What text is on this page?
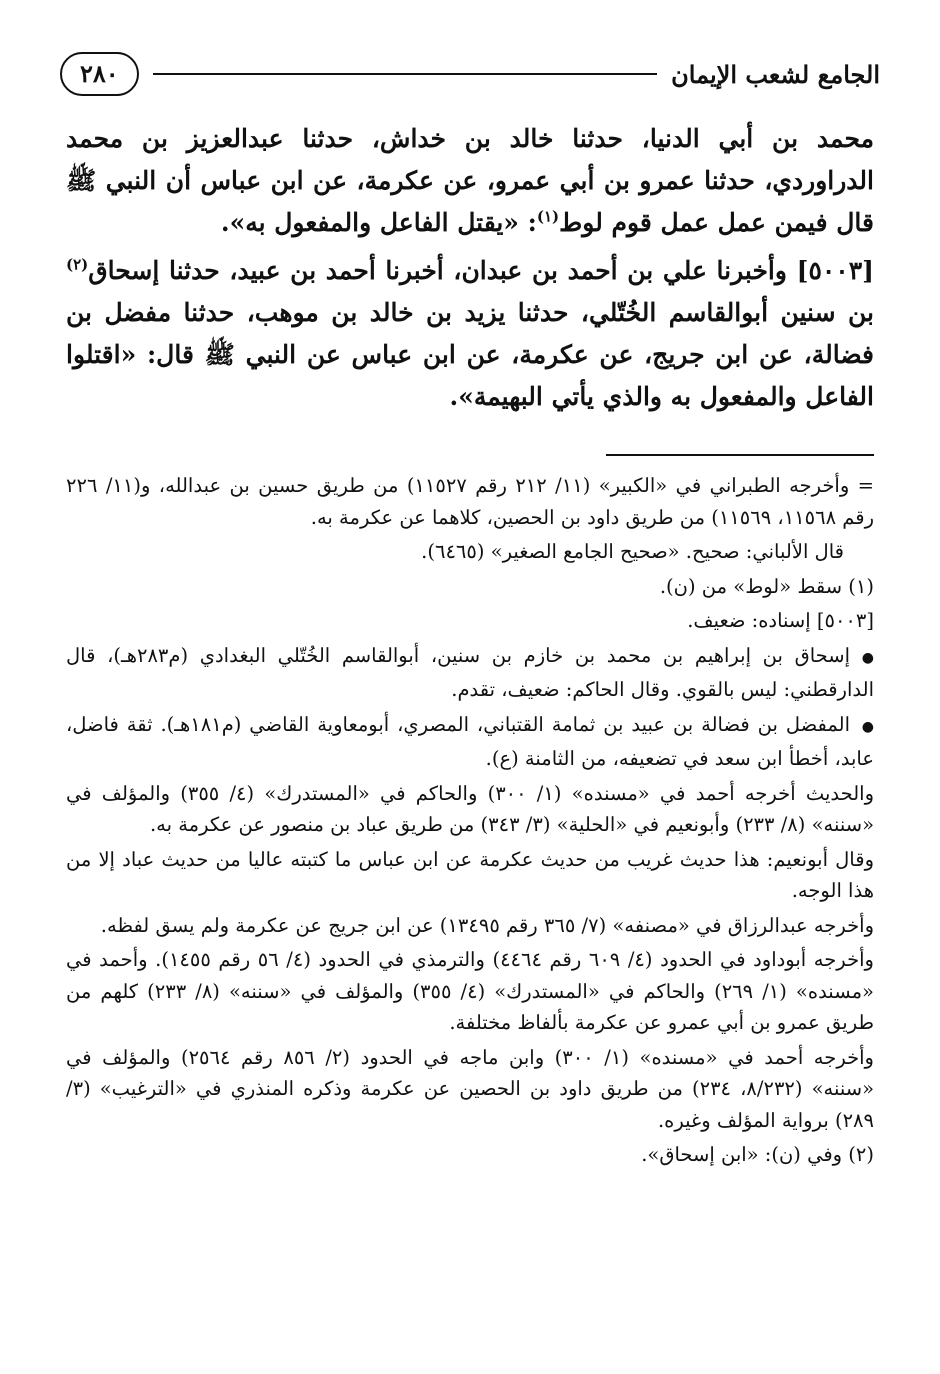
٢٨٠	الجامع لشعب الإيمان

محمد بن أبي الدنيا، حدثنا خالد بن خداش، حدثنا عبدالعزيز بن محمد الدراوردي، حدثنا عمرو بن أبي عمرو، عن عكرمة، عن ابن عباس أن النبي ﷺ قال فيمن عمل عمل قوم لوط$^{(١)}$: «يقتل الفاعل والمفعول به».

[٥٠٠٣] وأخبرنا علي بن أحمد بن عبدان، أخبرنا أحمد بن عبيد، حدثنا إسحاق$^{(٢)}$ بن سنين أبوالقاسم الخُتّلي، حدثنا يزيد بن خالد بن موهب، حدثنا مفضل بن فضالة، عن ابن جريج، عن عكرمة، عن ابن عباس عن النبي ﷺ قال: «اقتلوا الفاعل والمفعول به والذي يأتي البهيمة».

= وأخرجه الطبراني في «الكبير» (١١/ ٢١٢ رقم ١١٥٢٧) من طريق حسين بن عبدالله، و(١١/ ٢٢٦ رقم ١١٥٦٨، ١١٥٦٩) من طريق داود بن الحصين، كلاهما عن عكرمة به.

قال الألباني: صحيح. «صحيح الجامع الصغير» (٦٤٦٥).

(١) سقط «لوط» من (ن).

[٥٠٠٣] إسناده: ضعيف.

●إسحاق بن إبراهيم بن محمد بن خازم بن سنين، أبوالقاسم الخُتّلي البغدادي (م٢٨٣هـ)، قال الدارقطني: ليس بالقوي. وقال الحاكم: ضعيف، تقدم.

●المفضل بن فضالة بن عبيد بن ثمامة القتباني، المصري، أبومعاوية القاضي (م١٨١هـ). ثقة فاضل، عابد، أخطأ ابن سعد في تضعيفه، من الثامنة (ع).

والحديث أخرجه أحمد في «مسنده» (١/ ٣٠٠) والحاكم في «المستدرك» (٤/ ٣٥٥) والمؤلف في «سننه» (٨/ ٢٣٣) وأبونعيم في «الحلية» (٣/ ٣٤٣) من طريق عباد بن منصور عن عكرمة به.

وقال أبونعيم: هذا حديث غريب من حديث عكرمة عن ابن عباس ما كتبته عاليا من حديث عباد إلا من هذا الوجه.

وأخرجه عبدالرزاق في «مصنفه» (٧/ ٣٦٥ رقم ١٣٤٩٥) عن ابن جريج عن عكرمة ولم يسق لفظه.

وأخرجه أبوداود في الحدود (٤/ ٦٠٩ رقم ٤٤٦٤) والترمذي في الحدود (٤/ ٥٦ رقم ١٤٥٥). وأحمد في «مسنده» (١/ ٢٦٩) والحاكم في «المستدرك» (٤/ ٣٥٥) والمؤلف في «سننه» (٨/ ٢٣٣) كلهم من طريق عمرو بن أبي عمرو عن عكرمة بألفاظ مختلفة.

وأخرجه أحمد في «مسنده» (١/ ٣٠٠) وابن ماجه في الحدود (٢/ ٨٥٦ رقم ٢٥٦٤) والمؤلف في «سننه» (٨/٢٣٢، ٢٣٤) من طريق داود بن الحصين عن عكرمة وذكره المنذري في «الترغيب» (٣/ ٢٨٩) برواية المؤلف وغيره.

(٢) وفي (ن): «ابن إسحاق».
